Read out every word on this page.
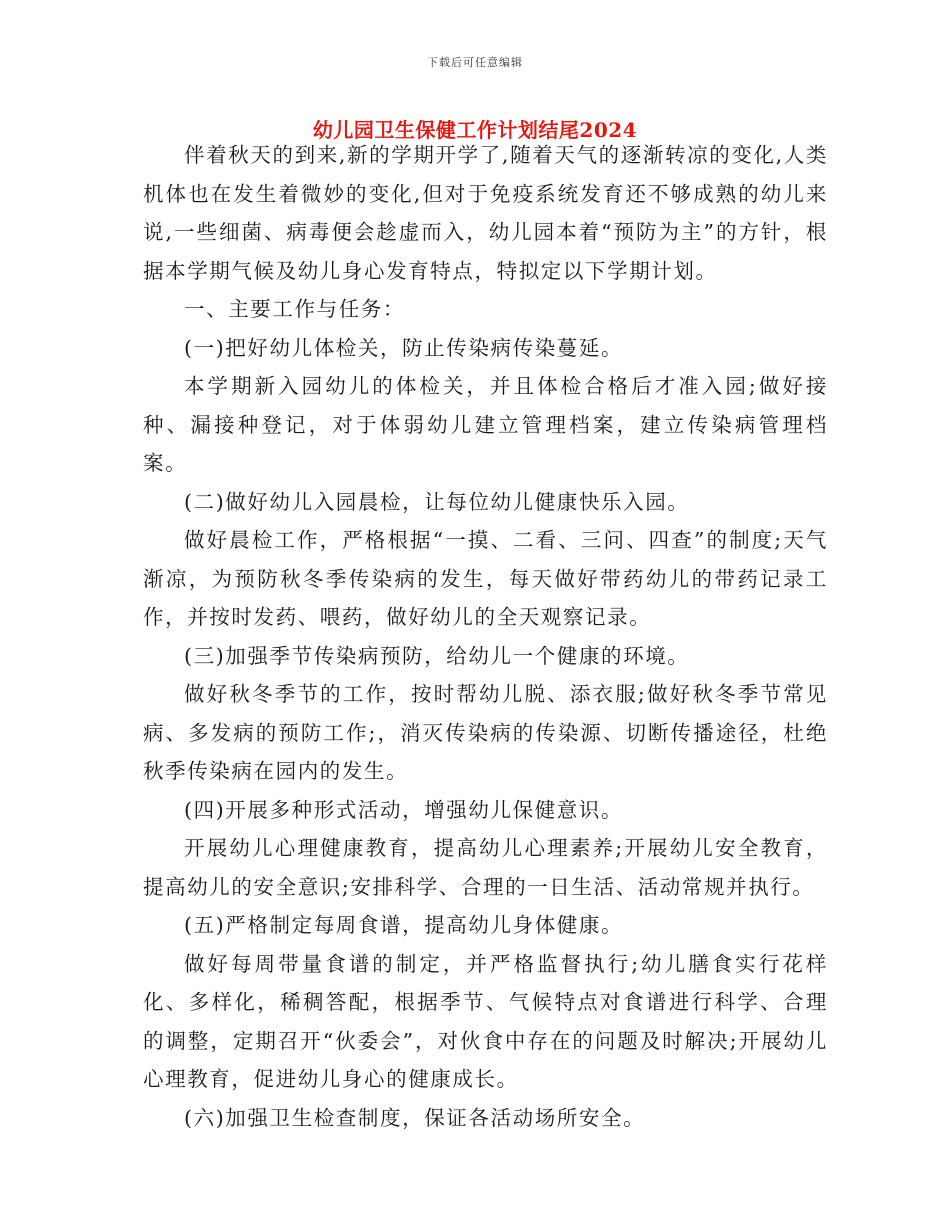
下载后可任意编辑
幼儿园卫生保健工作计划结尾2024

伴着秋天的到来,新的学期开学了,随着天气的逐渐转凉的变化,人类机体也在发生着微妙的变化,但对于免疫系统发育还不够成熟的幼儿来说,一些细菌、病毒便会趁虚而入，幼儿园本着“预防为主”的方针，根据本学期气候及幼儿身心发育特点，特拟定以下学期计划。

一、主要工作与任务：

(一)把好幼儿体检关，防止传染病传染蔓延。

本学期新入园幼儿的体检关，并且体检合格后才准入园;做好接种、漏接种登记，对于体弱幼儿建立管理档案，建立传染病管理档案。

(二)做好幼儿入园晨检，让每位幼儿健康快乐入园。

做好晨检工作，严格根据“一摸、二看、三问、四查”的制度;天气渐凉，为预防秋冬季传染病的发生，每天做好带药幼儿的带药记录工作，并按时发药、喂药，做好幼儿的全天观察记录。

(三)加强季节传染病预防，给幼儿一个健康的环境。

做好秋冬季节的工作，按时帮幼儿脱、添衣服;做好秋冬季节常见病、多发病的预防工作;，消灭传染病的传染源、切断传播途径，杜绝秋季传染病在园内的发生。

(四)开展多种形式活动，增强幼儿保健意识。

开展幼儿心理健康教育，提高幼儿心理素养;开展幼儿安全教育，提高幼儿的安全意识;安排科学、合理的一日生活、活动常规并执行。

(五)严格制定每周食谱，提高幼儿身体健康。

做好每周带量食谱的制定，并严格监督执行;幼儿膳食实行花样化、多样化，稀稠答配，根据季节、气候特点对食谱进行科学、合理的调整，定期召开“伙委会”，对伙食中存在的问题及时解决;开展幼儿心理教育，促进幼儿身心的健康成长。

(六)加强卫生检查制度，保证各活动场所安全。
